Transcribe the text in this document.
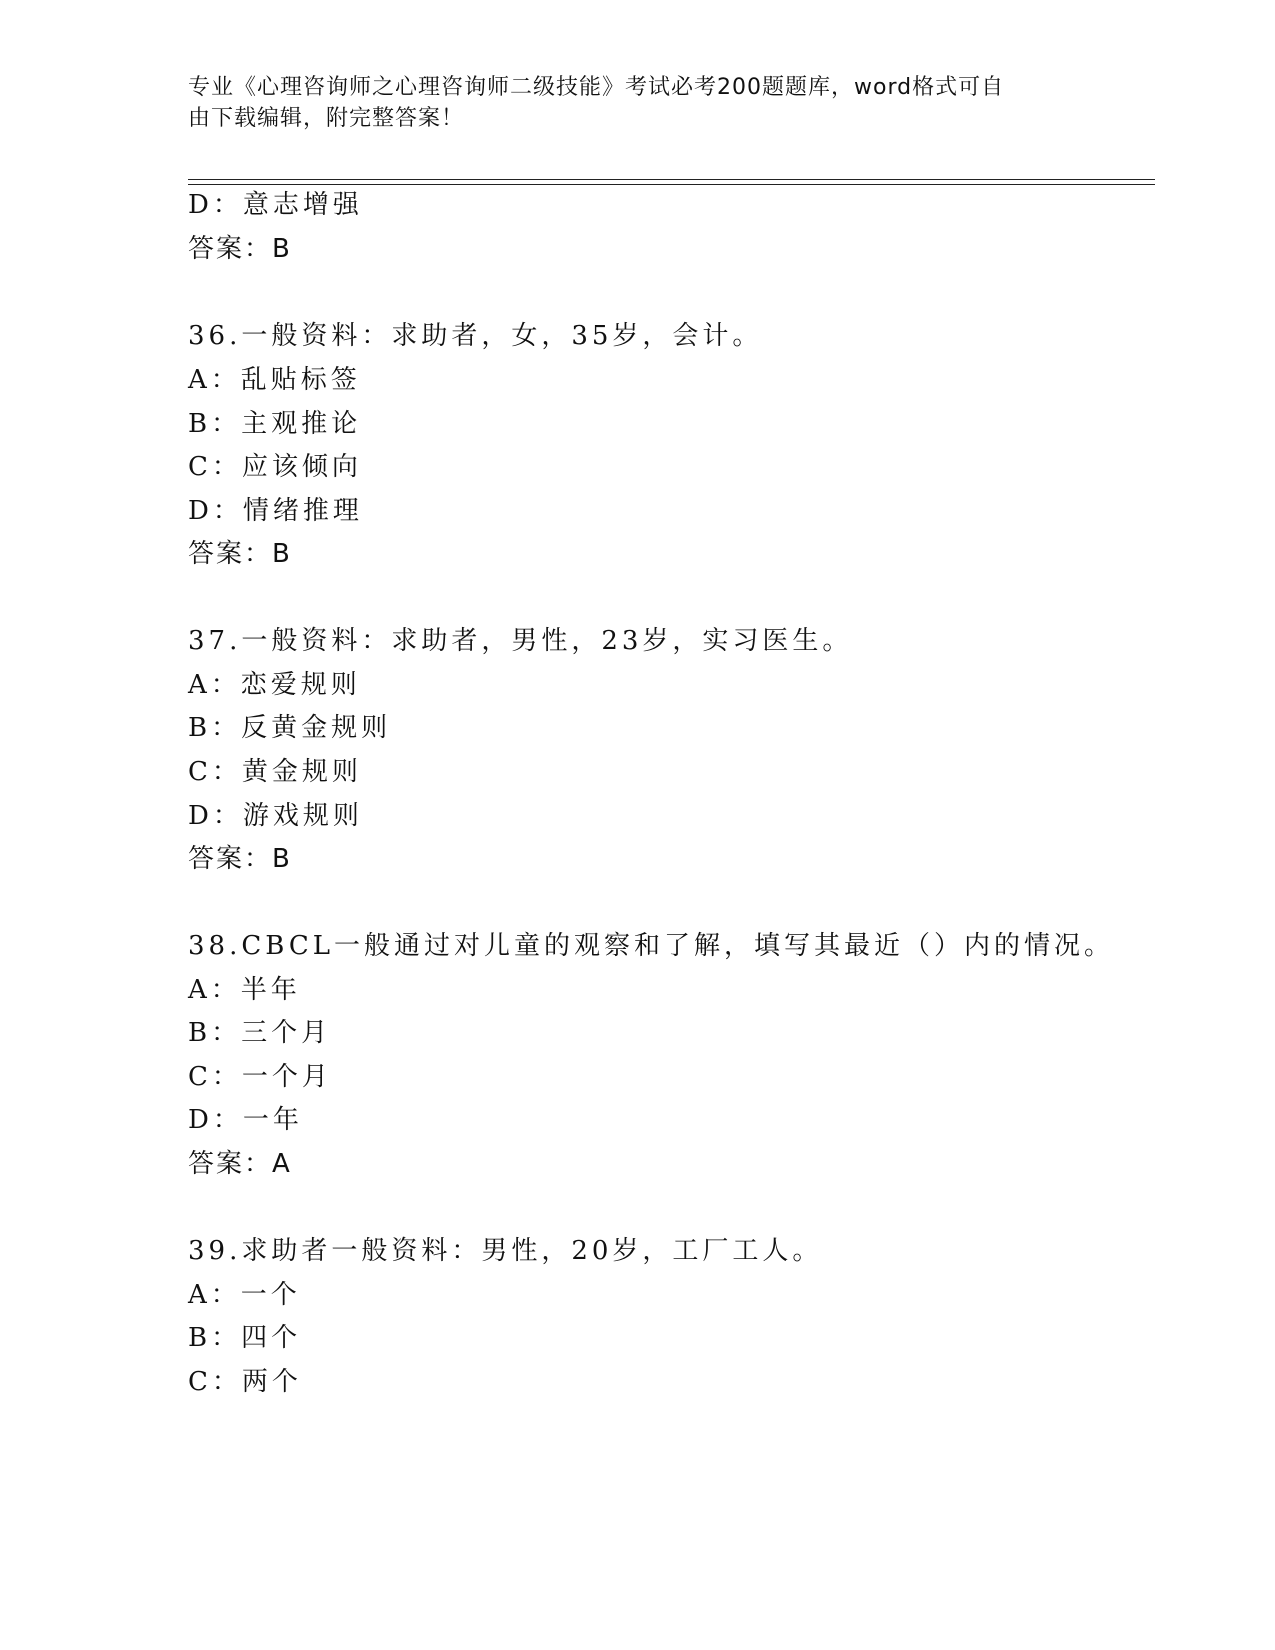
专业《心理咨询师之心理咨询师二级技能》考试必考200题题库，word格式可自
由下载编辑，附完整答案！
D：意志增强
答案：B
36.一般资料：求助者，女，35岁，会计。
A：乱贴标签
B：主观推论
C：应该倾向
D：情绪推理
答案：B
37.一般资料：求助者，男性，23岁，实习医生。
A：恋爱规则
B：反黄金规则
C：黄金规则
D：游戏规则
答案：B
38.CBCL一般通过对儿童的观察和了解，填写其最近（）内的情况。
A：半年
B：三个月
C：一个月
D：一年
答案：A
39.求助者一般资料：男性，20岁，工厂工人。
A：一个
B：四个
C：两个
